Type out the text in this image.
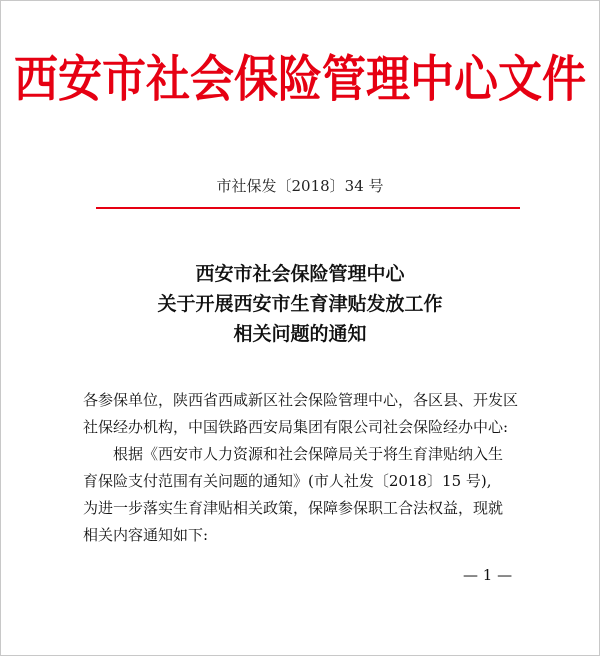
西安市社会保险管理中心文件
市社保发〔2018〕34 号
西安市社会保险管理中心
关于开展西安市生育津贴发放工作
相关问题的通知

各参保单位，陕西省西咸新区社会保险管理中心，各区县、开发区

社保经办机构，中国铁路西安局集团有限公司社会保险经办中心:

根据《西安市人力资源和社会保障局关于将生育津贴纳入生

育保险支付范围有关问题的通知》(市人社发〔2018〕15 号),

为进一步落实生育津贴相关政策，保障参保职工合法权益，现就

相关内容通知如下:

— 1 —
